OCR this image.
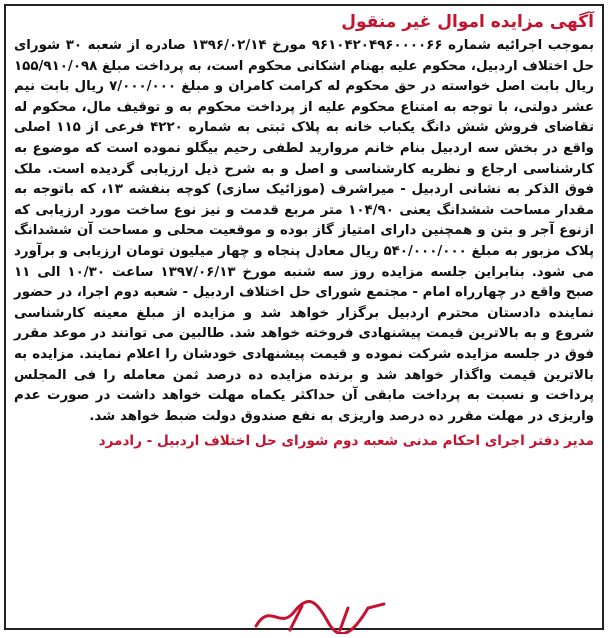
آگهی مزایده اموال غیر منقول

بموجب اجرائیه شماره ۹۶۱۰۴۲۰۴۹۶۰۰۰۰۶۶ مورخ ۱۳۹۶/۰۲/۱۴ صادره از شعبه ۳۰ شورای حل اختلاف اردبیل، محکوم علیه بهنام اشکانی محکوم است، به پرداخت مبلغ ۱۵۵/۹۱۰/۰۹۸ ریال بابت اصل خواسته در حق محکوم له کرامت کامران و مبلغ ۷/۰۰۰/۰۰۰ ریال بابت نیم عشر دولتی، با توجه به امتناع محکوم علیه از پرداخت محکوم به و توقیف مال، محکوم له تقاضای فروش شش دانگ یکباب خانه به پلاک ثبتی به شماره ۴۲۲۰ فرعی از ۱۱۵ اصلی واقع در بخش سه اردبیل بنام خانم مروارید لطفی رحیم بیگلو نموده است که موضوع به کارشناسی ارجاع و نظریه کارشناسی و اصل و به شرح ذیل ارزیابی گردیده است. ملک فوق الذکر به نشانی اردبیل - میراشرف (موزائیک سازی) کوچه بنفشه ۱۳، که باتوجه به مقدار مساحت ششدانگ یعنی ۱۰۴/۹۰ متر مربع قدمت و نیز نوع ساخت مورد ارزیابی که ازنوع آجر و بتن و همچنین دارای امتیاز گاز بوده و موقعیت محلی و مساحت آن ششدانگ پلاک مزبور به مبلغ ۵۴۰/۰۰۰/۰۰۰ ریال معادل پنجاه و چهار میلیون تومان ارزیابی و برآورد می شود. بنابراین جلسه مزایده روز سه شنبه مورخ ۱۳۹۷/۰۶/۱۳ ساعت ۱۰/۳۰ الی ۱۱ صبح واقع در چهارراه امام - مجتمع شورای حل اختلاف اردبیل - شعبه دوم اجرا، در حضور نماینده دادستان محترم اردبیل برگزار خواهد شد و مزایده از مبلغ معینه کارشناسی شروع و به بالاترین قیمت پیشنهادی فروخته خواهد شد. طالبین می توانند در موعد مقرر فوق در جلسه مزایده شرکت نموده و قیمت پیشنهادی خودشان را اعلام نمایند. مزایده به بالاترین قیمت واگذار خواهد شد و برنده مزایده ده درصد ثمن معامله را فی المجلس پرداخت و نسبت به پرداخت مابقی آن حداکثر یکماه مهلت خواهد داشت در صورت عدم واریزی در مهلت مقرر ده درصد واریزی به نفع صندوق دولت ضبط خواهد شد.

مدیر دفتر اجرای احکام مدنی شعبه دوم شورای حل اختلاف اردبیل - رادمرد
